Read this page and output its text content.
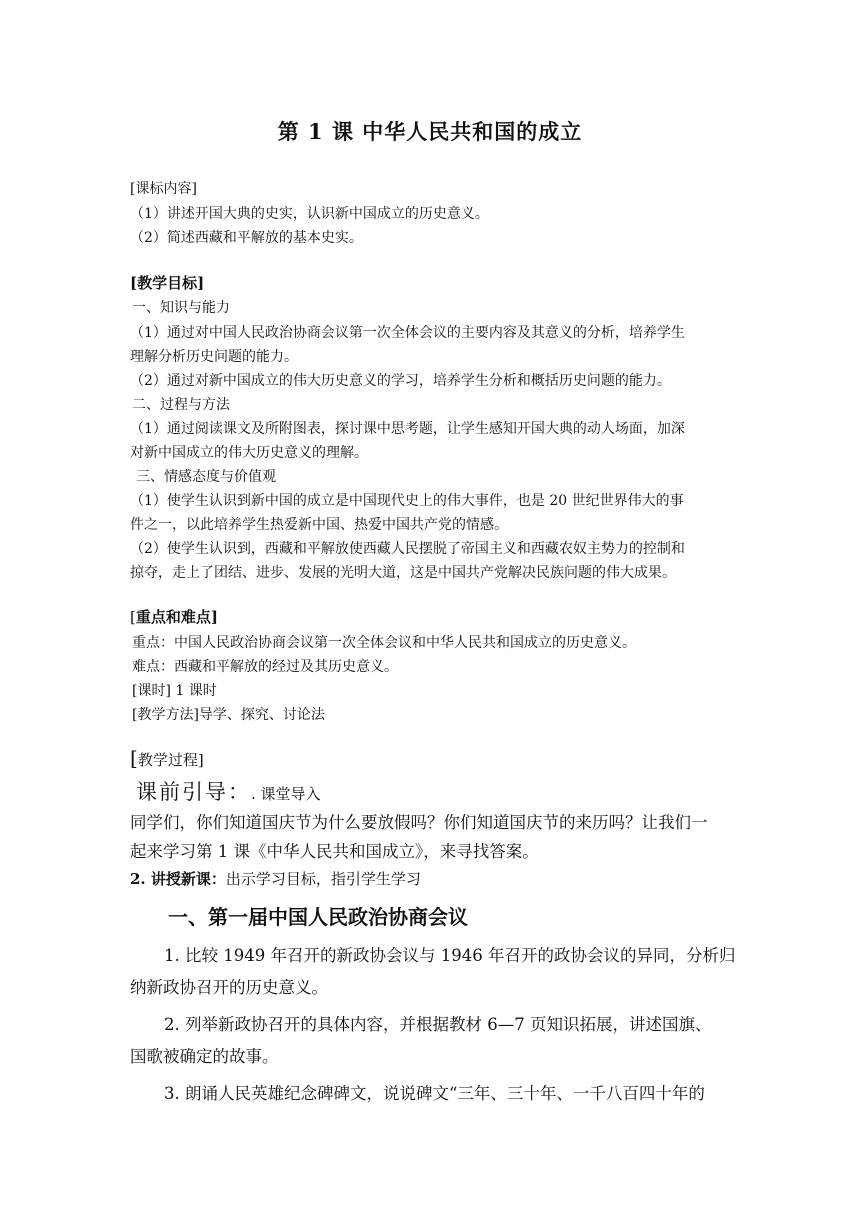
第 1 课 中华人民共和国的成立
[课标内容]
（1）讲述开国大典的史实，认识新中国成立的历史意义。
（2）简述西藏和平解放的基本史实。
[教学目标]
一、知识与能力
（1）通过对中国人民政治协商会议第一次全体会议的主要内容及其意义的分析，培养学生
理解分析历史问题的能力。
（2）通过对新中国成立的伟大历史意义的学习，培养学生分析和概括历史问题的能力。
二、过程与方法
（1）通过阅读课文及所附图表，探讨课中思考题，让学生感知开国大典的动人场面，加深
对新中国成立的伟大历史意义的理解。
三、情感态度与价值观
（1）使学生认识到新中国的成立是中国现代史上的伟大事件，也是 20 世纪世界伟大的事
件之一，以此培养学生热爱新中国、热爱中国共产党的情感。
（2）使学生认识到，西藏和平解放使西藏人民摆脱了帝国主义和西藏农奴主势力的控制和
掠夺，走上了团结、进步、发展的光明大道，这是中国共产党解决民族问题的伟大成果。
[重点和难点]
重点：中国人民政治协商会议第一次全体会议和中华人民共和国成立的历史意义。
难点：西藏和平解放的经过及其历史意义。
[课时] 1 课时
[教学方法]导学、探究、讨论法
[教学过程]
课前引导：. 课堂导入
同学们，你们知道国庆节为什么要放假吗？你们知道国庆节的来历吗？让我们一
起来学习第 1 课《中华人民共和国成立》，来寻找答案。
2. 讲授新课：出示学习目标，指引学生学习
一、第一届中国人民政治协商会议
1. 比较 1949 年召开的新政协会议与 1946 年召开的政协会议的异同，分析归
纳新政协召开的历史意义。
2. 列举新政协召开的具体内容，并根据教材 6—7 页知识拓展，讲述国旗、
国歌被确定的故事。
3. 朗诵人民英雄纪念碑碑文，说说碑文“三年、三十年、一千八百四十年的
